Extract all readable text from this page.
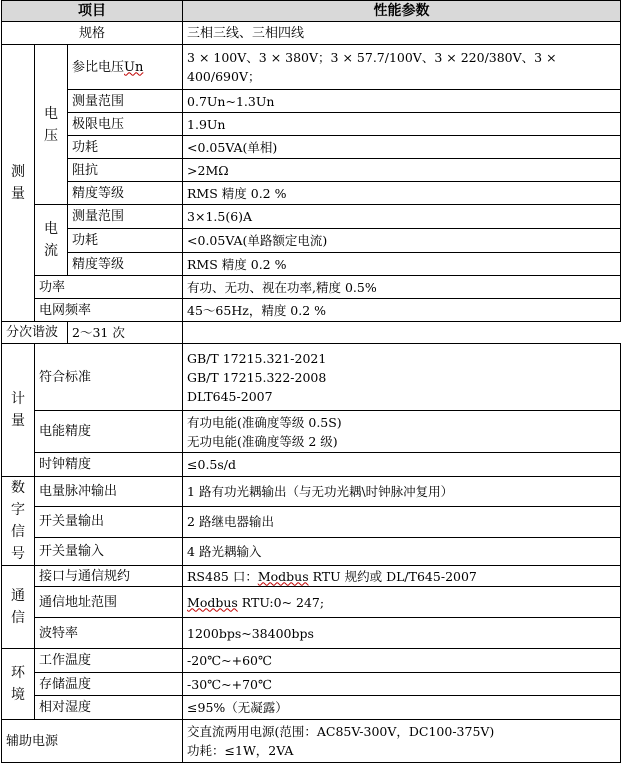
项目			性能参数
规格			三相三线、三相四线
测量	电压	参比电压Un	3 × 100V、3 × 380V；3 × 57.7/100V、3 × 220/380V、3 × 400/690V；
		测量范围	0.7Un~1.3Un
		极限电压	1.9Un
		功耗	<0.05VA(单相)
		阻抗	>2MΩ
		精度等级	RMS 精度 0.2 %
	电流	测量范围	3×1.5(6)A
		功耗	<0.05VA(单路额定电流)
		精度等级	RMS 精度 0.2 %
	功率		有功、无功、视在功率,精度 0.5%
	电网频率		45～65Hz，精度 0.2 %
分次谐波		2～31 次	
计量	符合标准		GB/T 17215.321-2021
GB/T 17215.322-2008
DLT645-2007

	电能精度		有功电能(准确度等级 0.5S)
无功电能(准确度等级 2 级)

	时钟精度		≤0.5s/d
数字信号	电量脉冲输出		1 路有功光耦输出（与无功光耦\时钟脉冲复用）
	开关量输出		2 路继电器输出
	开关量输入		4 路光耦输入
通信	接口与通信规约		RS485 口：Modbus RTU 规约或 DL/T645-2007
	通信地址范围		Modbus RTU:0~ 247;
	波特率		1200bps~38400bps
环境	工作温度		-20℃~+60℃
	存储温度		-30℃~+70℃
	相对湿度		≤95%（无凝露）
辅助电源			交直流两用电源(范围：AC85V-300V，DC100-375V)
功耗：≤1W，2VA
